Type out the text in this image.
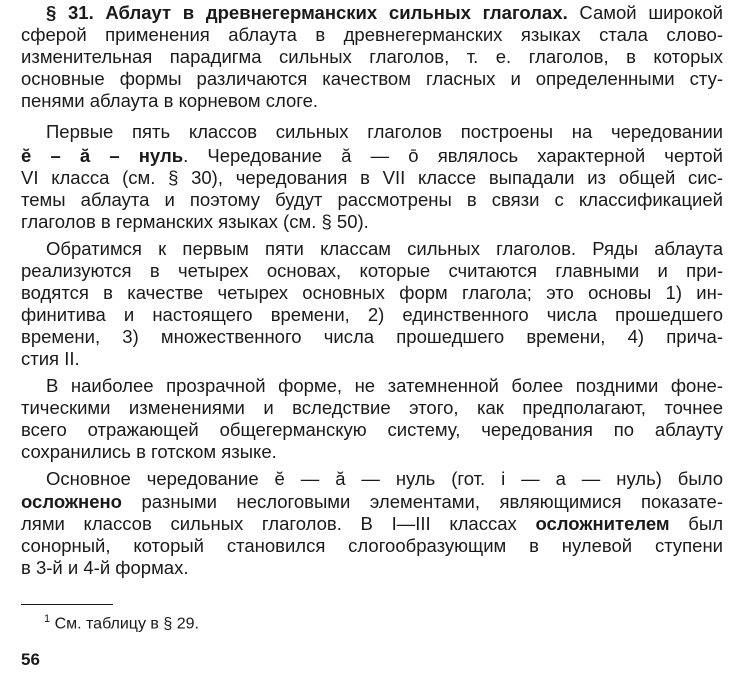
§ 31. Аблаут в древнегерманских сильных глаголах. Самой широкой
сферой применения аблаута в древнегерманских языках стала слово-
изменительная парадигма сильных глаголов, т. е. глаголов, в которых
основные формы различаются качеством гласных и определенными сту-
пенями аблаута в корневом слоге.
Первые пять классов сильных глаголов построены на чередовании
ĕ – ă – нуль. Чередование ă — ō являлось характерной чертой
VI класса (см. § 30), чередования в VII классе выпадали из общей сис-
темы аблаута и поэтому будут рассмотрены в связи с классификацией
глаголов в германских языках (см. § 50).
Обратимся к первым пяти классам сильных глаголов. Ряды аблаута
реализуются в четырех основах, которые считаются главными и при-
водятся в качестве четырех основных форм глагола; это основы 1) ин-
финитива и настоящего времени, 2) единственного числа прошедшего
времени, 3) множественного числа прошедшего времени, 4) прича-
стия II.
В наиболее прозрачной форме, не затемненной более поздними фоне-
тическими изменениями и вследствие этого, как предполагают, точнее
всего отражающей общегерманскую систему, чередования по аблауту
сохранились в готском языке.
Основное чередование ĕ — ă — нуль (гот. i — a — нуль) было
осложнено разными неслоговыми элементами, являющимися показате-
лями классов сильных глаголов. В I—III классах осложнителем был
сонорный, который становился слогообразующим в нулевой ступени
в 3-й и 4-й формах.
$^1$ См. таблицу в § 29.
56
